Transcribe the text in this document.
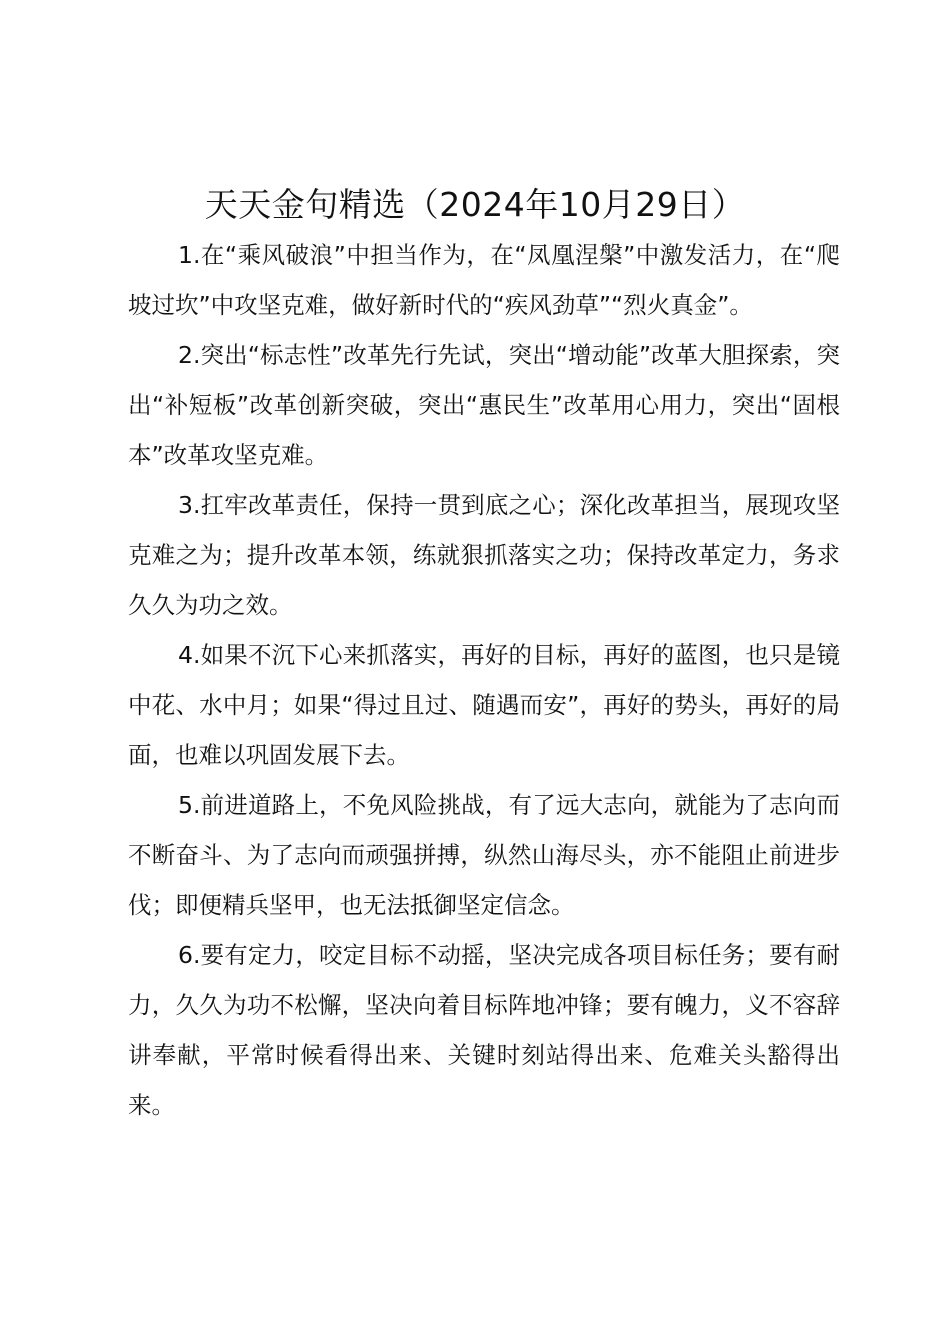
天天金句精选（2024年10月29日）

1.在“乘风破浪”中担当作为，在“凤凰涅槃”中激发活力，在“爬坡过坎”中攻坚克难，做好新时代的“疾风劲草”“烈火真金”。

2.突出“标志性”改革先行先试，突出“增动能”改革大胆探索，突出“补短板”改革创新突破，突出“惠民生”改革用心用力，突出“固根本”改革攻坚克难。

3.扛牢改革责任，保持一贯到底之心；深化改革担当，展现攻坚克难之为；提升改革本领，练就狠抓落实之功；保持改革定力，务求久久为功之效。

4.如果不沉下心来抓落实，再好的目标，再好的蓝图，也只是镜中花、水中月；如果“得过且过、随遇而安”，再好的势头，再好的局面，也难以巩固发展下去。

5.前进道路上，不免风险挑战，有了远大志向，就能为了志向而不断奋斗、为了志向而顽强拼搏，纵然山海尽头，亦不能阻止前进步伐；即便精兵坚甲，也无法抵御坚定信念。

6.要有定力，咬定目标不动摇，坚决完成各项目标任务；要有耐力，久久为功不松懈，坚决向着目标阵地冲锋；要有魄力，义不容辞讲奉献，平常时候看得出来、关键时刻站得出来、危难关头豁得出来。
